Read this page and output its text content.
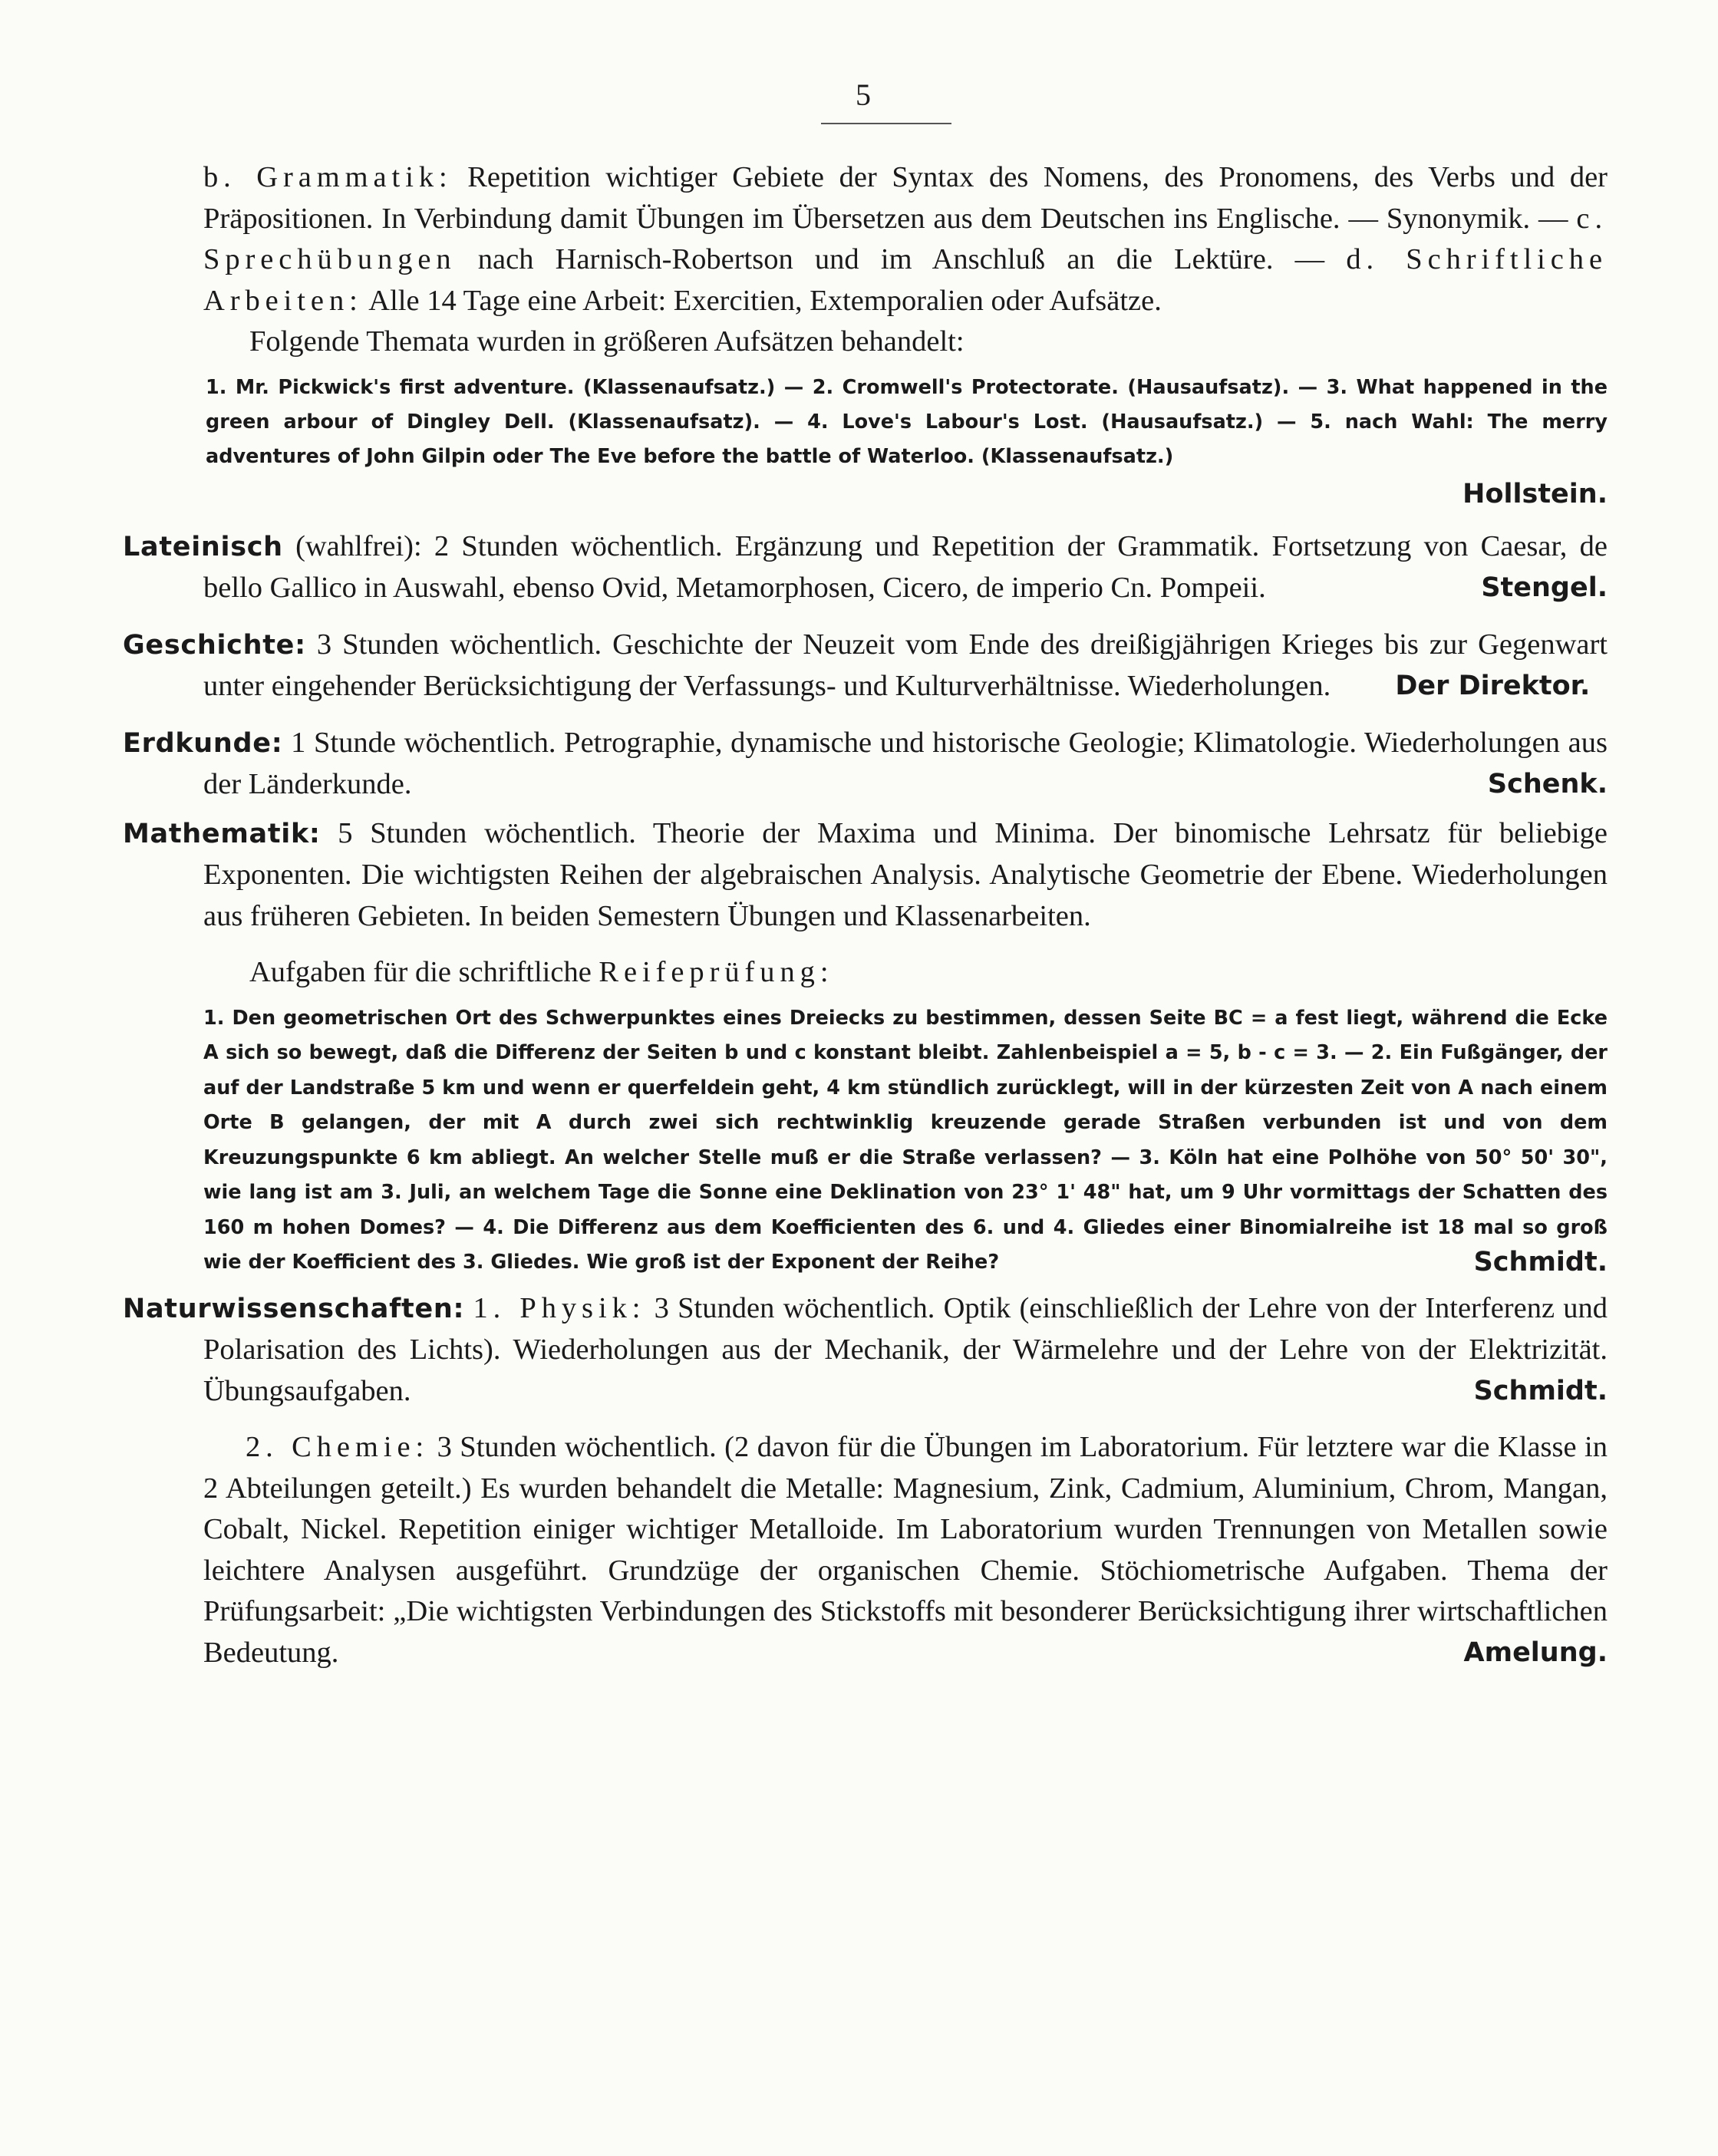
5

b. Grammatik: Repetition wichtiger Gebiete der Syntax des Nomens, des Pronomens, des Verbs und der Präpositionen. In Verbindung damit Übungen im Übersetzen aus dem Deutschen ins Englische. — Synonymik. — c. Sprechübungen nach Harnisch-Robertson und im Anschluß an die Lektüre. — d. Schriftliche Arbeiten: Alle 14 Tage eine Arbeit: Exercitien, Extemporalien oder Aufsätze.

Folgende Themata wurden in größeren Aufsätzen behandelt:

1. Mr. Pickwick's first adventure. (Klassenaufsatz.) — 2. Cromwell's Protectorate. (Hausaufsatz). — 3. What happened in the green arbour of Dingley Dell. (Klassenaufsatz). — 4. Love's Labour's Lost. (Hausaufsatz.) — 5. nach Wahl: The merry adventures of John Gilpin oder The Eve before the battle of Waterloo. (Klassenaufsatz.)

Hollstein.

Lateinisch (wahlfrei): 2 Stunden wöchentlich. Ergänzung und Repetition der Grammatik. Fortsetzung von Caesar, de bello Gallico in Auswahl, ebenso Ovid, Metamorphosen, Cicero, de imperio Cn. Pompeii.	Stengel.

Geschichte: 3 Stunden wöchentlich. Geschichte der Neuzeit vom Ende des dreißigjährigen Krieges bis zur Gegenwart unter eingehender Berücksichtigung der Verfassungs- und Kulturverhältnisse. Wiederholungen. Der Direktor.

Erdkunde: 1 Stunde wöchentlich. Petrographie, dynamische und historische Geologie; Klimatologie. Wiederholungen aus der Länderkunde.	Schenk.

Mathematik: 5 Stunden wöchentlich. Theorie der Maxima und Minima. Der binomische Lehrsatz für beliebige Exponenten. Die wichtigsten Reihen der algebraischen Analysis. Analytische Geometrie der Ebene. Wiederholungen aus früheren Gebieten. In beiden Semestern Übungen und Klassenarbeiten.

Aufgaben für die schriftliche Reifeprüfung:

1. Den geometrischen Ort des Schwerpunktes eines Dreiecks zu bestimmen, dessen Seite BC = a fest liegt, während die Ecke A sich so bewegt, daß die Differenz der Seiten b und c konstant bleibt. Zahlenbeispiel a = 5, b - c = 3. — 2. Ein Fußgänger, der auf der Landstraße 5 km und wenn er querfeldein geht, 4 km stündlich zurücklegt, will in der kürzesten Zeit von A nach einem Orte B gelangen, der mit A durch zwei sich rechtwinklig kreuzende gerade Straßen verbunden ist und von dem Kreuzungspunkte 6 km abliegt. An welcher Stelle muß er die Straße verlassen? — 3. Köln hat eine Polhöhe von 50° 50' 30", wie lang ist am 3. Juli, an welchem Tage die Sonne eine Deklination von 23° 1' 48" hat, um 9 Uhr vormittags der Schatten des 160 m hohen Domes? — 4. Die Differenz aus dem Koefficienten des 6. und 4. Gliedes einer Binomialreihe ist 18 mal so groß wie der Koefficient des 3. Gliedes. Wie groß ist der Exponent der Reihe?	Schmidt.

Naturwissenschaften: 1. Physik: 3 Stunden wöchentlich. Optik (einschließlich der Lehre von der Interferenz und Polarisation des Lichts). Wiederholungen aus der Mechanik, der Wärmelehre und der Lehre von der Elektrizität. Übungsaufgaben.	Schmidt.

2. Chemie: 3 Stunden wöchentlich. (2 davon für die Übungen im Laboratorium. Für letztere war die Klasse in 2 Abteilungen geteilt.) Es wurden behandelt die Metalle: Magnesium, Zink, Cadmium, Aluminium, Chrom, Mangan, Cobalt, Nickel. Repetition einiger wichtiger Metalloide. Im Laboratorium wurden Trennungen von Metallen sowie leichtere Analysen ausgeführt. Grundzüge der organischen Chemie. Stöchiometrische Aufgaben. Thema der Prüfungsarbeit: „Die wichtigsten Verbindungen des Stickstoffs mit besonderer Berücksichtigung ihrer wirtschaftlichen Bedeutung.	Amelung.
